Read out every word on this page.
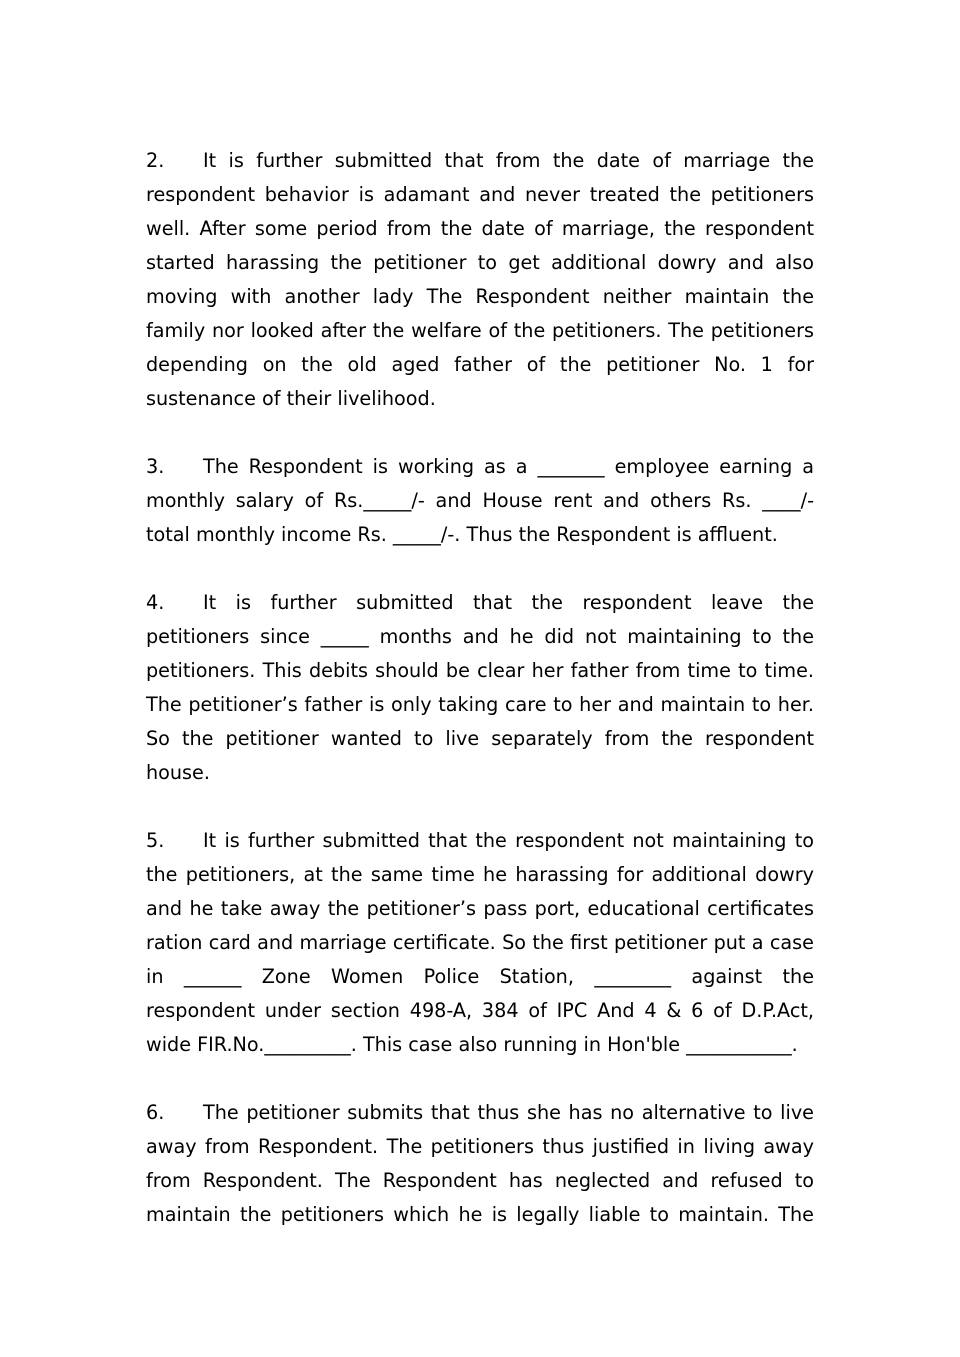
2. It is further submitted that from the date of marriage the respondent behavior is adamant and never treated the petitioners well. After some period from the date of marriage, the respondent started harassing the petitioner to get additional dowry and also moving with another lady The Respondent neither maintain the family nor looked after the welfare of the petitioners. The petitioners depending on the old aged father of the petitioner No. 1 for sustenance of their livelihood.

3. The Respondent is working as a _______ employee earning a monthly salary of Rs._____/- and House rent and others Rs. ____/- total monthly income Rs. _____/-. Thus the Respondent is affluent.

4. It is further submitted that the respondent leave the petitioners since _____ months and he did not maintaining to the petitioners. This debits should be clear her father from time to time. The petitioner’s father is only taking care to her and maintain to her. So the petitioner wanted to live separately from the respondent house.

5. It is further submitted that the respondent not maintaining to the petitioners, at the same time he harassing for additional dowry and he take away the petitioner’s pass port, educational certificates ration card and marriage certificate. So the first petitioner put a case in ______ Zone Women Police Station, ________ against the respondent under section 498-A, 384 of IPC And 4 & 6 of D.P.Act, wide FIR.No._________. This case also running in Hon'ble ___________.

6. The petitioner submits that thus she has no alternative to live away from Respondent. The petitioners thus justified in living away from Respondent. The Respondent has neglected and refused to maintain the petitioners which he is legally liable to maintain. The
